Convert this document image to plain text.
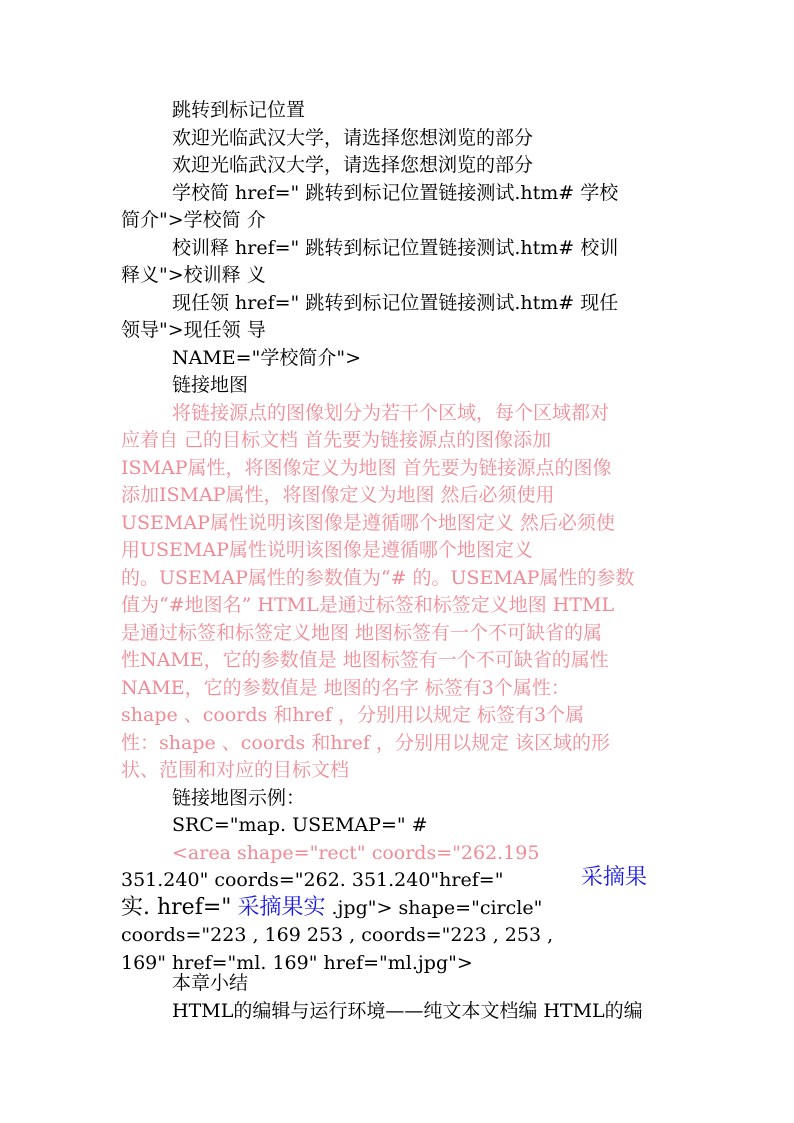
跳转到标记位置
欢迎光临武汉大学，请选择您想浏览的部分
欢迎光临武汉大学，请选择您想浏览的部分
学校简 href=" 跳转到标记位置链接测试.htm# 学校
简介">学校简 介
校训释 href=" 跳转到标记位置链接测试.htm# 校训
释义">校训释 义
现任领 href=" 跳转到标记位置链接测试.htm# 现任
领导">现任领 导
NAME="学校简介">
链接地图
将链接源点的图像划分为若干个区域，每个区域都对
应着自 己的目标文档 首先要为链接源点的图像添加
ISMAP属性，将图像定义为地图 首先要为链接源点的图像
添加ISMAP属性，将图像定义为地图 然后必须使用
USEMAP属性说明该图像是遵循哪个地图定义 然后必须使
用USEMAP属性说明该图像是遵循哪个地图定义
的。USEMAP属性的参数值为“# 的。USEMAP属性的参数
值为“#地图名” HTML是通过标签和标签定义地图 HTML
是通过标签和标签定义地图 地图标签有一个不可缺省的属
性NAME，它的参数值是 地图标签有一个不可缺省的属性
NAME，它的参数值是 地图的名字 标签有3个属性：
shape 、coords 和href ，分别用以规定 标签有3个属
性：shape 、coords 和href ，分别用以规定 该区域的形
状、范围和对应的目标文档
链接地图示例：
SRC="map. USEMAP=" #
<area shape="rect" coords="262.195
351.240" coords="262. 351.240"href="	采摘果
实. href=" 采摘果实 .jpg"> shape="circle"
coords="223 , 169 253 , coords="223 , 253 ,
169" href="ml. 169" href="ml.jpg">
本章小结
HTML的编辑与运行环境——纯文本文档编 HTML的编
